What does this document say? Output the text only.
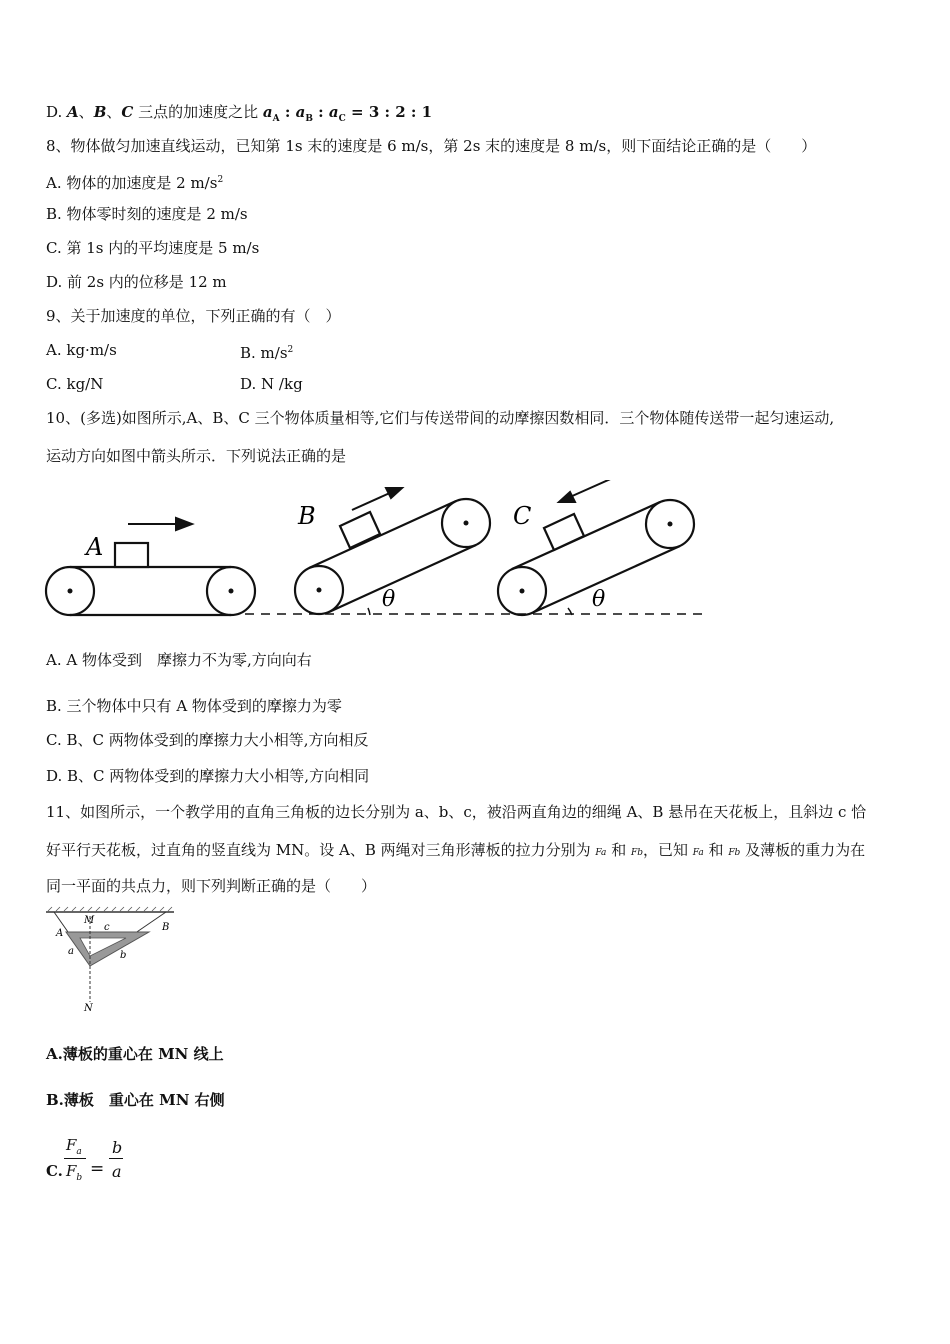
D. A、B、C 三点的加速度之比 $a_A$ : $a_B$ : $a_C = 3$ : 2 : 1
8、物体做匀加速直线运动，已知第 1s 末的速度是 6 m/s，第 2s 末的速度是 8 m/s，则下面结论正确的是（　　）
A. 物体的加速度是 2 $m/s^2$
B. 物体零时刻的速度是 2 m/s
C. 第 1s 内的平均速度是 5 m/s
D. 前 2s 内的位移是 12 m
9、关于加速度的单位，下列正确的有（　）
A. kg·m/s	B. $m/s^2$
C. kg/N	D. N /kg
10、(多选)如图所示,A、B、C 三个物体质量相等,它们与传送带间的动摩擦因数相同．三个物体随传送带一起匀速运动,
运动方向如图中箭头所示．下列说法正确的是
A
B
θ
C
θ
A. A 物体受到　摩擦力不为零,方向向右
B. 三个物体中只有 A 物体受到的摩擦力为零
C. B、C 两物体受到的摩擦力大小相等,方向相反
D. B、C 两物体受到的摩擦力大小相等,方向相同
11、如图所示，一个教学用的直角三角板的边长分别为 a、b、c，被沿两直角边的细绳 A、B 悬吊在天花板上，且斜边 c 恰
好平行天花板，过直角的竖直线为 MN。设 A、B 两绳对三角形薄板的拉力分别为 Fa 和 Fb，已知 Fa 和 Fb 及薄板的重力为在
同一平面的共点力，则下列判断正确的是（　　）
M
N
A
B
c
a	b
A.薄板的重心在 MN 线上
B.薄板　重心在 MN 右侧
C.
$F_a$
$F_b$ =
b
a
